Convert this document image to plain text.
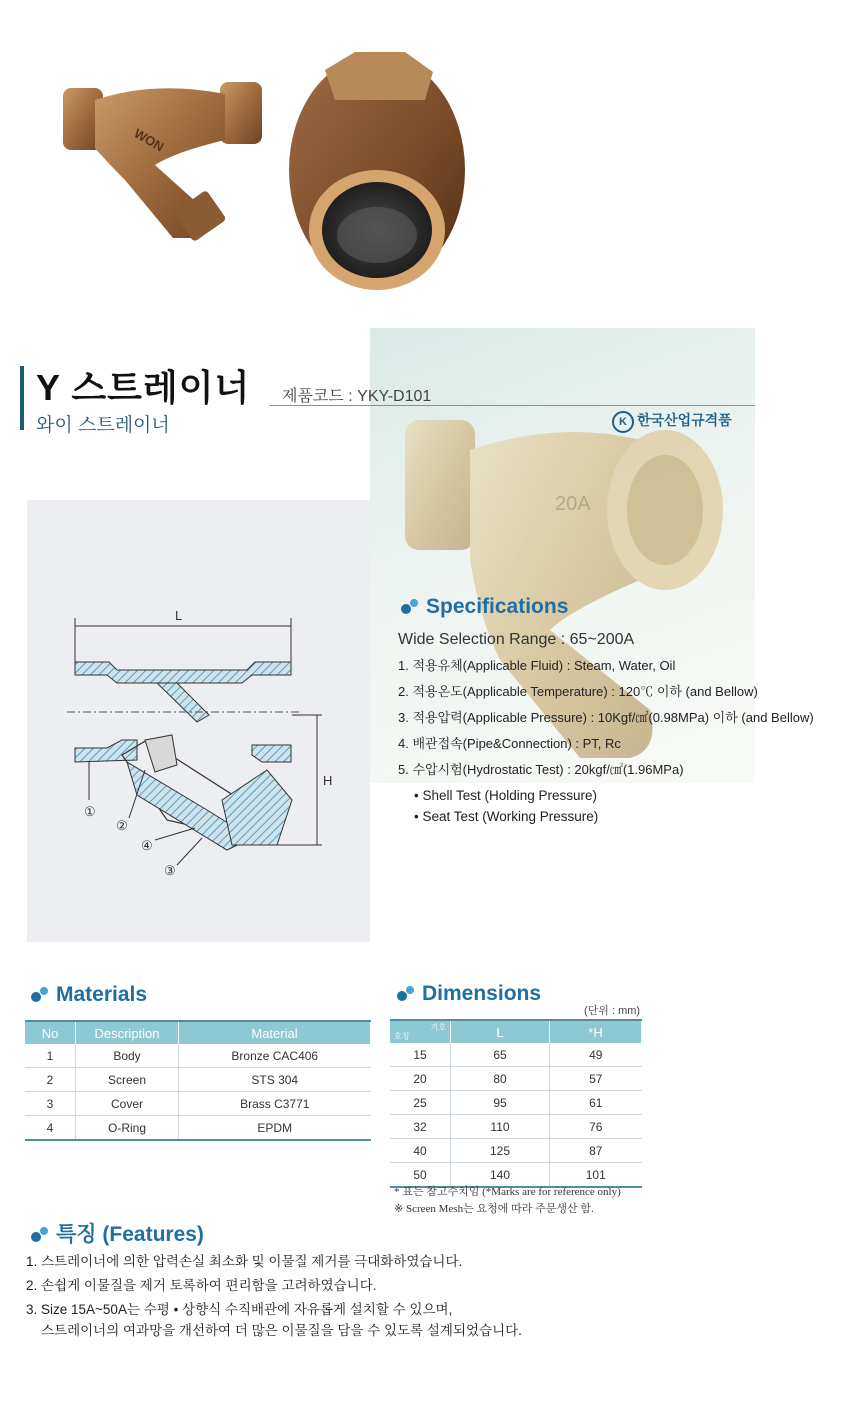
WON
20A
Y 스트레이너
와이 스트레이너
제품코드 : YKY-D101
K 한국산업규격품
L
H
①
②
④
③
Specifications
Wide Selection Range : 65~200A
1. 적용유체(Applicable Fluid) : Steam, Water, Oil
2. 적용온도(Applicable Temperature) : 120℃ 이하 (and Bellow)
3. 적용압력(Applicable Pressure) : 10Kgf/㎠(0.98MPa) 이하 (and Bellow)
4. 배관접속(Pipe&Connection) : PT, Rc
5. 수압시험(Hydrostatic Test) : 20kgf/㎠(1.96MPa)
• Shell Test (Holding Pressure)
• Seat Test (Working Pressure)
Materials
No	Description	Material
1	Body	Bronze CAC406
2	Screen	STS 304
3	Cover	Brass C3771
4	O-Ring	EPDM
Dimensions
(단위 : mm)
기호
호칭	L	*H
15	65	49
20	80	57
25	95	61
32	110	76
40	125	87
50	140	101
* 표는 참고수치임 (*Marks are for reference only)
※ Screen Mesh는 요청에 따라 주문생산 함.
특징 (Features)
1. 스트레이너에 의한 압력손실 최소화 및 이물질 제거를 극대화하였습니다.
2. 손쉽게 이물질을 제거 토록하여 편리함을 고려하였습니다.
3. Size 15A~50A는 수평 • 상향식 수직배관에 자유롭게 설치할 수 있으며,
스트레이너의 여과망을 개선하여 더 많은 이물질을 담을 수 있도록 설계되었습니다.
